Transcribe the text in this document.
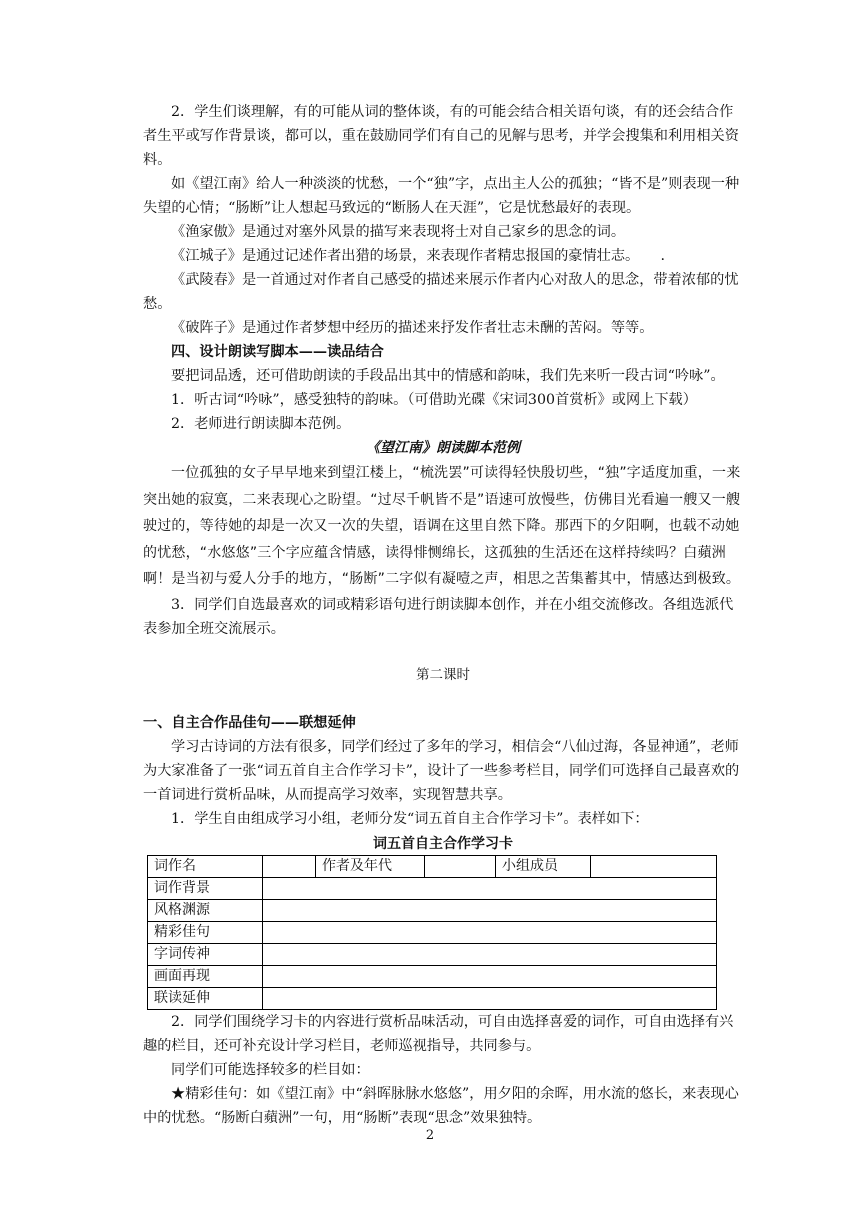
2．学生们谈理解，有的可能从词的整体谈，有的可能会结合相关语句谈，有的还会结合作者生平或写作背景谈，都可以，重在鼓励同学们有自己的见解与思考，并学会搜集和利用相关资料。

如《望江南》给人一种淡淡的忧愁，一个“独”字，点出主人公的孤独；“皆不是”则表现一种失望的心情；“肠断”让人想起马致远的“断肠人在天涯”，它是忧愁最好的表现。

《渔家傲》是通过对塞外风景的描写来表现将士对自己家乡的思念的词。

《江城子》是通过记述作者出猎的场景，来表现作者精忠报国的豪情壮志。　　.

《武陵春》是一首通过对作者自己感受的描述来展示作者内心对敌人的思念，带着浓郁的忧愁。

《破阵子》是通过作者梦想中经历的描述来抒发作者壮志未酬的苦闷。等等。

四、设计朗读写脚本——读品结合

要把词品透，还可借助朗读的手段品出其中的情感和韵味，我们先来听一段古词“吟咏”。

1．听古词“吟咏”，感受独特的韵味。（可借助光碟《宋词300首赏析》或网上下载）

2．老师进行朗读脚本范例。

《望江南》朗读脚本范例

一位孤独的女子早早地来到望江楼上，“梳洗罢”可读得轻快殷切些，“独”字适度加重，一来突出她的寂寞，二来表现心之盼望。“过尽千帆皆不是”语速可放慢些，仿佛目光看遍一艘又一艘驶过的，等待她的却是一次又一次的失望，语调在这里自然下降。那西下的夕阳啊，也载不动她的忧愁，“水悠悠”三个字应蕴含情感，读得悱恻绵长，这孤独的生活还在这样持续吗？白蘋洲啊！是当初与爱人分手的地方，“肠断”二字似有凝噎之声，相思之苦集蓄其中，情感达到极致。

3．同学们自选最喜欢的词或精彩语句进行朗读脚本创作，并在小组交流修改。各组选派代表参加全班交流展示。

第二课时

一、自主合作品佳句——联想延伸

学习古诗词的方法有很多，同学们经过了多年的学习，相信会“八仙过海，各显神通”，老师为大家准备了一张“词五首自主合作学习卡”，设计了一些参考栏目，同学们可选择自己最喜欢的一首词进行赏析品味，从而提高学习效率，实现智慧共享。

1．学生自由组成学习小组，老师分发“词五首自主合作学习卡”。表样如下：

词五首自主合作学习卡

词作名		作者及年代		小组成员	
词作背景					
风格渊源					
精彩佳句					
字词传神					
画面再现					
联读延伸					

2．同学们围绕学习卡的内容进行赏析品味活动，可自由选择喜爱的词作，可自由选择有兴趣的栏目，还可补充设计学习栏目，老师巡视指导，共同参与。

同学们可能选择较多的栏目如：

★精彩佳句：如《望江南》中“斜晖脉脉水悠悠”，用夕阳的余晖，用水流的悠长，来表现心中的忧愁。“肠断白蘋洲”一句，用“肠断”表现“思念”效果独特。

2
